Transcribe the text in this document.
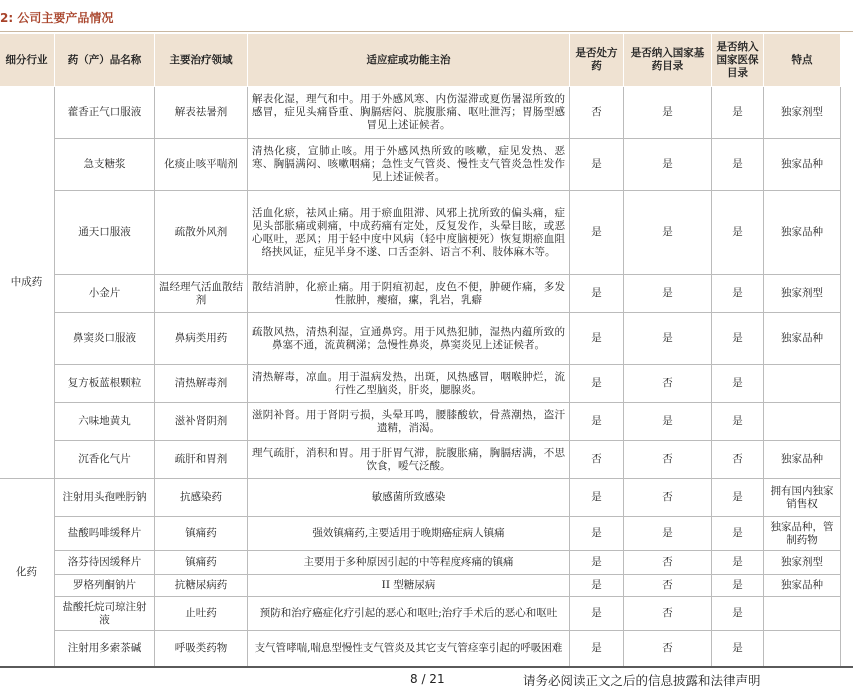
2: 公司主要产品情况
细分行业	药（产）品名称	主要治疗领域	适应症或功能主治	是否处方药	是否纳入国家基药目录	是否纳入国家医保目录	特点
中成药	藿香正气口服液	解表祛暑剂	解表化湿，理气和中。用于外感风寒、内伤湿滞或夏伤暑湿所致的感冒，症见头痛昏重、胸膈痞闷、脘腹胀痛、呕吐泄泻；胃肠型感冒见上述证候者。	否	是	是	独家剂型
	急支糖浆	化痰止咳平喘剂	清热化痰，宣肺止咳。用于外感风热所致的咳嗽，症见发热、恶寒、胸膈满闷、咳嗽咽痛；急性支气管炎、慢性支气管炎急性发作见上述证候者。	是	是	是	独家品种
	通天口服液	疏散外风剂	活血化瘀，祛风止痛。用于瘀血阻滞、风邪上扰所致的偏头痛，症见头部胀痛或刺痛，中成药痛有定处，反复发作，头晕目眩，或恶心呕吐，恶风；用于轻中度中风病（轻中度脑梗死）恢复期瘀血阻络挟风证，症见半身不遂、口舌歪斜、语言不利、肢体麻木等。	是	是	是	独家品种
	小金片	温经理气活血散结剂	散结消肿，化瘀止痛。用于阴疽初起，皮色不便，肿硬作痛，多发性脓肿，瘿瘤，瘰，乳岩，乳癖	是	是	是	独家剂型
	鼻窦炎口服液	鼻病类用药	疏散风热，清热利湿，宣通鼻窍。用于风热犯肺，湿热内蕴所致的鼻塞不通，流黄稠涕；急慢性鼻炎，鼻窦炎见上述证候者。	是	是	是	独家品种
	复方板蓝根颗粒	清热解毒剂	清热解毒，凉血。用于温病发热，出斑，风热感冒，咽喉肿烂，流行性乙型脑炎，肝炎，腮腺炎。	是	否	是	
	六味地黄丸	滋补肾阴剂	滋阴补肾。用于肾阴亏损，头晕耳鸣，腰膝酸软，骨蒸潮热，盗汗遗精，消渴。	是	是	是	
	沉香化气片	疏肝和胃剂	理气疏肝，消积和胃。用于肝胃气滞，脘腹胀痛，胸膈痞满，不思饮食，嗳气泛酸。	否	否	否	独家品种
化药	注射用头孢唑肟钠	抗感染药	敏感菌所致感染	是	否	是	拥有国内独家销售权
	盐酸吗啡缓释片	镇痛药	强效镇痛药,主要适用于晚期癌症病人镇痛	是	是	是	独家品种，管制药物
	洛芬待因缓释片	镇痛药	主要用于多种原因引起的中等程度疼痛的镇痛	是	否	是	独家剂型
	罗格列酮钠片	抗糖尿病药	II 型糖尿病	是	否	是	独家品种
	盐酸托烷司琼注射液	止吐药	预防和治疗癌症化疗引起的恶心和呕吐;治疗手术后的恶心和呕吐	是	否	是	
	注射用多索茶碱	呼吸类药物	支气管哮喘,喘息型慢性支气管炎及其它支气管痉挛引起的呼吸困难	是	否	是	
8 / 21	请务必阅读正文之后的信息披露和法律声明
